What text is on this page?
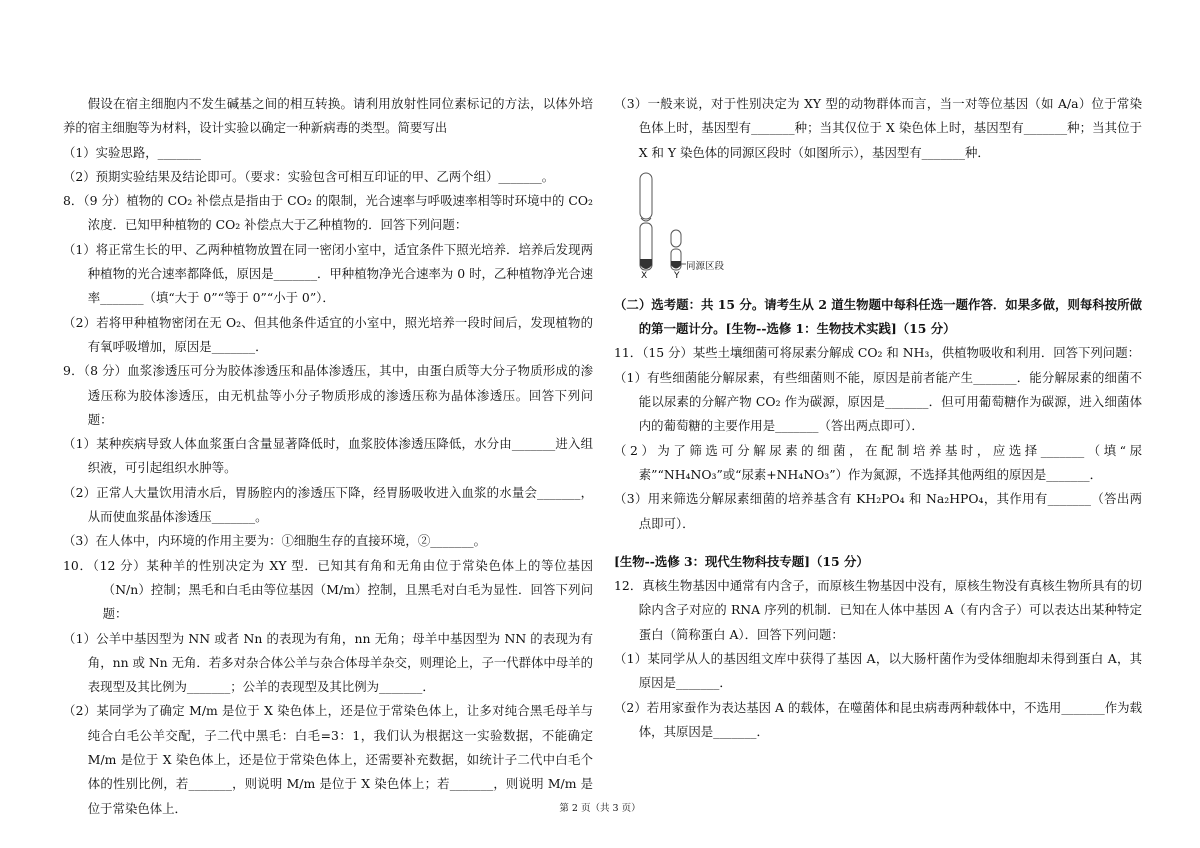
假设在宿主细胞内不发生碱基之间的相互转换。请利用放射性同位素标记的方法，以体外培养的宿主细胞等为材料，设计实验以确定一种新病毒的类型。简要写出

（1）实验思路，_______

（2）预期实验结果及结论即可。（要求：实验包含可相互印证的甲、乙两个组）_______。

8．（9 分）植物的 CO₂ 补偿点是指由于 CO₂ 的限制，光合速率与呼吸速率相等时环境中的 CO₂ 浓度．已知甲种植物的 CO₂ 补偿点大于乙种植物的．回答下列问题：

（1）将正常生长的甲、乙两种植物放置在同一密闭小室中，适宜条件下照光培养．培养后发现两种植物的光合速率都降低，原因是_______．甲种植物净光合速率为 0 时，乙种植物净光合速率_______（填“大于 0”“等于 0”“小于 0”）．

（2）若将甲种植物密闭在无 O₂、但其他条件适宜的小室中，照光培养一段时间后，发现植物的有氧呼吸增加，原因是_______．

9．（8 分）血浆渗透压可分为胶体渗透压和晶体渗透压，其中，由蛋白质等大分子物质形成的渗透压称为胶体渗透压，由无机盐等小分子物质形成的渗透压称为晶体渗透压。回答下列问题：

（1）某种疾病导致人体血浆蛋白含量显著降低时，血浆胶体渗透压降低，水分由_______进入组织液，可引起组织水肿等。

（2）正常人大量饮用清水后，胃肠腔内的渗透压下降，经胃肠吸收进入血浆的水量会_______，从而使血浆晶体渗透压_______。

（3）在人体中，内环境的作用主要为：①细胞生存的直接环境，②_______。

10．（12 分）某种羊的性别决定为 XY 型．已知其有角和无角由位于常染色体上的等位基因（N/n）控制；黑毛和白毛由等位基因（M/m）控制，且黑毛对白毛为显性．回答下列问题：

（1）公羊中基因型为 NN 或者 Nn 的表现为有角，nn 无角；母羊中基因型为 NN 的表现为有角，nn 或 Nn 无角．若多对杂合体公羊与杂合体母羊杂交，则理论上，子一代群体中母羊的表现型及其比例为_______；公羊的表现型及其比例为_______．

（2）某同学为了确定 M/m 是位于 X 染色体上，还是位于常染色体上，让多对纯合黑毛母羊与纯合白毛公羊交配，子二代中黑毛：白毛=3：1，我们认为根据这一实验数据，不能确定 M/m 是位于 X 染色体上，还是位于常染色体上，还需要补充数据，如统计子二代中白毛个体的性别比例，若_______，则说明 M/m 是位于 X 染色体上；若_______，则说明 M/m 是位于常染色体上．

（3）一般来说，对于性别决定为 XY 型的动物群体而言，当一对等位基因（如 A/a）位于常染色体上时，基因型有_______种；当其仅位于 X 染色体上时，基因型有_______种；当其位于 X 和 Y 染色体的同源区段时（如图所示），基因型有_______种．

X	Y
同源区段

（二）选考题：共 15 分。请考生从 2 道生物题中每科任选一题作答．如果多做，则每科按所做的第一题计分。[生物--选修 1：生物技术实践]（15 分）

11．（15 分）某些土壤细菌可将尿素分解成 CO₂ 和 NH₃，供植物吸收和利用．回答下列问题：

（1）有些细菌能分解尿素，有些细菌则不能，原因是前者能产生_______．能分解尿素的细菌不能以尿素的分解产物 CO₂ 作为碳源，原因是_______．但可用葡萄糖作为碳源，进入细菌体内的葡萄糖的主要作用是_______（答出两点即可）．

（2）为了筛选可分解尿素的细菌，在配制培养基时，应选择_______（填“尿素”“NH₄NO₃”或“尿素+NH₄NO₃”）作为氮源，不选择其他两组的原因是_______．

（3）用来筛选分解尿素细菌的培养基含有 KH₂PO₄ 和 Na₂HPO₄，其作用有_______（答出两点即可）．

[生物--选修 3：现代生物科技专题]（15 分）

12．真核生物基因中通常有内含子，而原核生物基因中没有，原核生物没有真核生物所具有的切除内含子对应的 RNA 序列的机制．已知在人体中基因 A（有内含子）可以表达出某种特定蛋白（简称蛋白 A）．回答下列问题：

（1）某同学从人的基因组文库中获得了基因 A，以大肠杆菌作为受体细胞却未得到蛋白 A，其原因是_______．

（2）若用家蚕作为表达基因 A 的载体，在噬菌体和昆虫病毒两种载体中，不选用_______作为载体，其原因是_______．

第 2 页（共 3 页）
